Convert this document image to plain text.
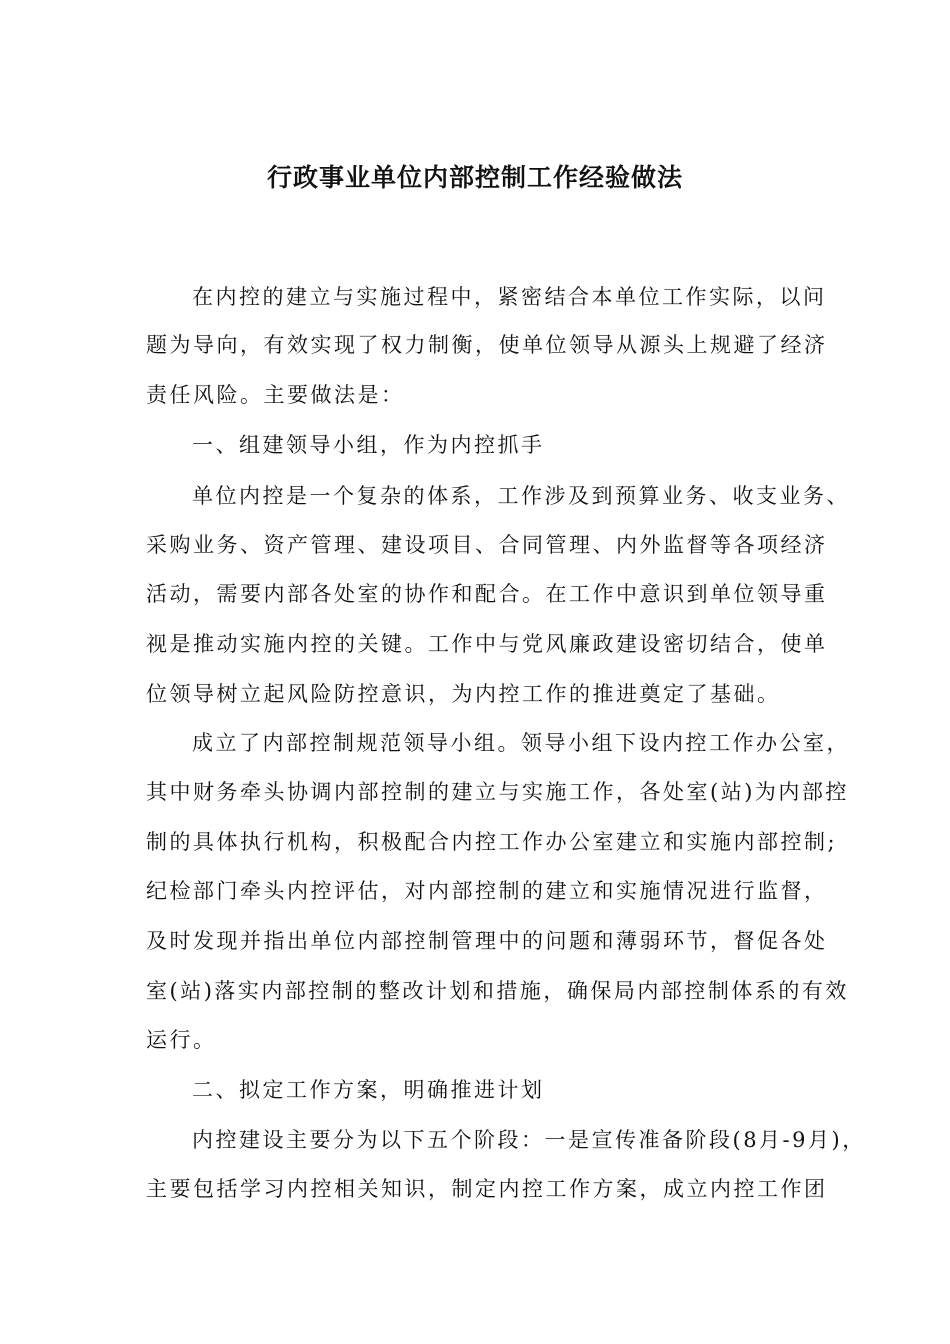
行政事业单位内部控制工作经验做法
在内控的建立与实施过程中，紧密结合本单位工作实际，以问
题为导向，有效实现了权力制衡，使单位领导从源头上规避了经济
责任风险。主要做法是：
一、组建领导小组，作为内控抓手
单位内控是一个复杂的体系，工作涉及到预算业务、收支业务、
采购业务、资产管理、建设项目、合同管理、内外监督等各项经济
活动，需要内部各处室的协作和配合。在工作中意识到单位领导重
视是推动实施内控的关键。工作中与党风廉政建设密切结合，使单
位领导树立起风险防控意识，为内控工作的推进奠定了基础。
成立了内部控制规范领导小组。领导小组下设内控工作办公室，
其中财务牵头协调内部控制的建立与实施工作，各处室(站)为内部控
制的具体执行机构，积极配合内控工作办公室建立和实施内部控制;
纪检部门牵头内控评估，对内部控制的建立和实施情况进行监督，
及时发现并指出单位内部控制管理中的问题和薄弱环节，督促各处
室(站)落实内部控制的整改计划和措施，确保局内部控制体系的有效
运行。
二、拟定工作方案，明确推进计划
内控建设主要分为以下五个阶段：一是宣传准备阶段(8月-9月)，
主要包括学习内控相关知识，制定内控工作方案，成立内控工作团
